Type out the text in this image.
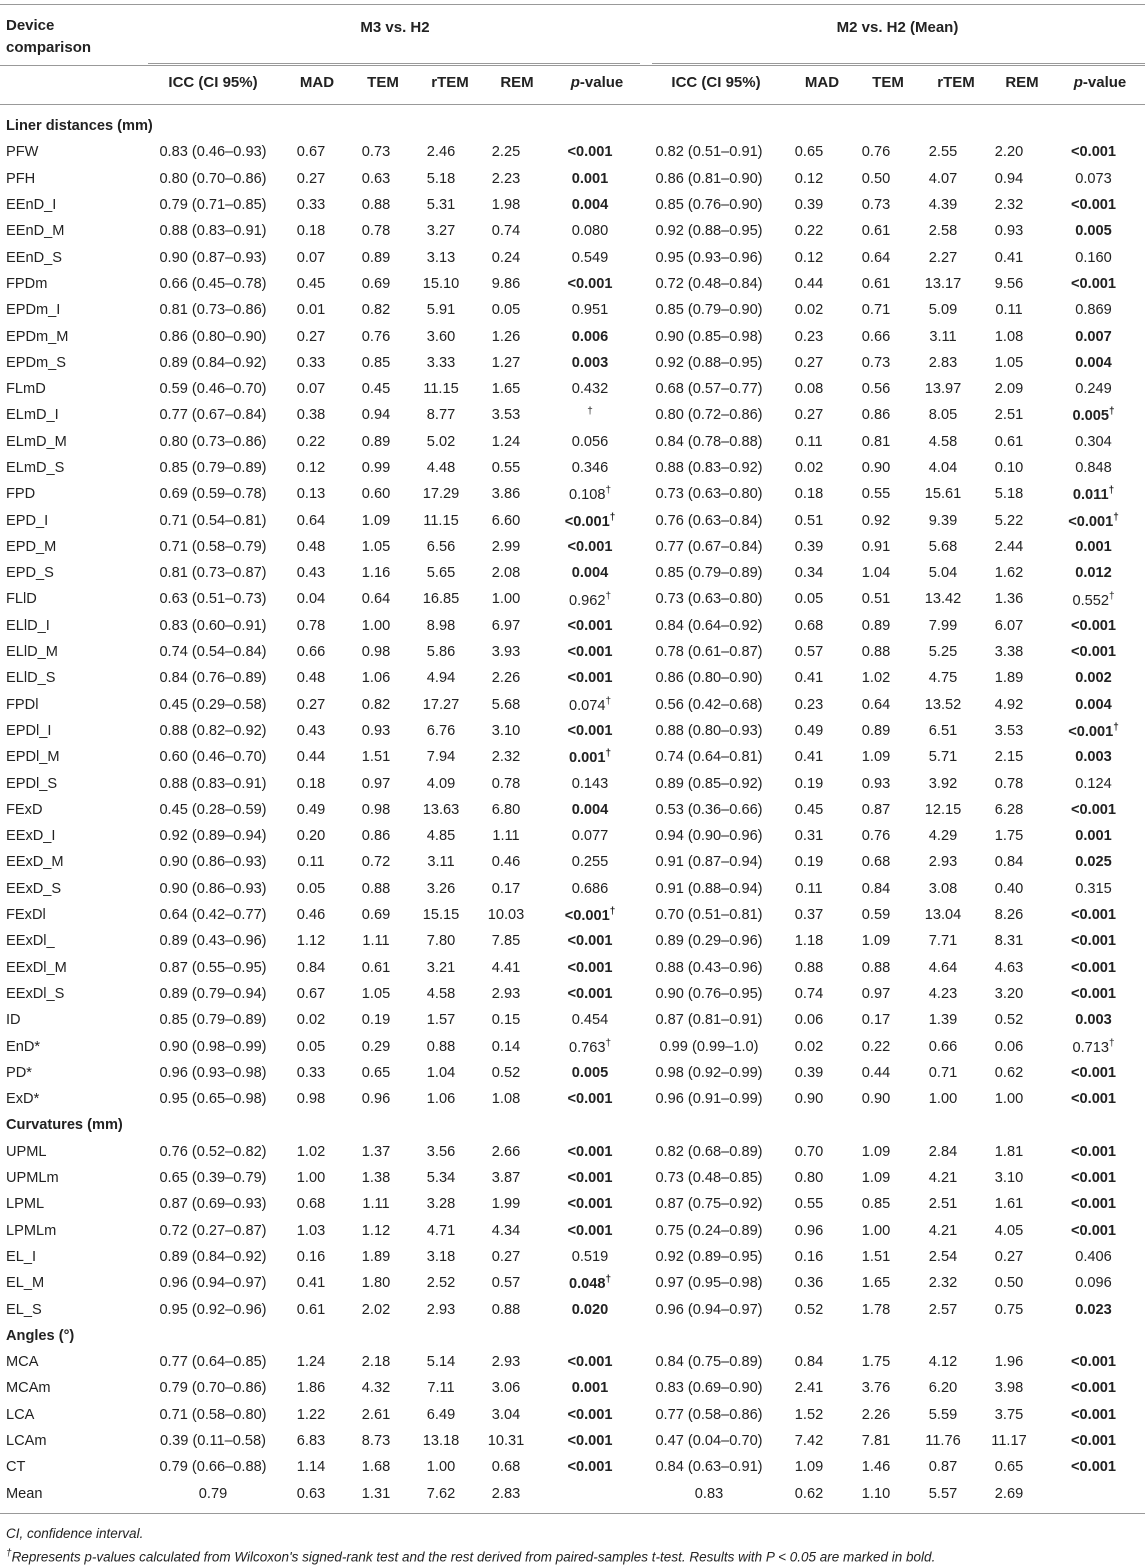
Device comparison
M3 vs. H2	M2 vs. H2 (Mean)
ICC (CI 95%)	MAD	TEM	rTEM	REM	p-value	ICC (CI 95%)	MAD	TEM	rTEM	REM	p-value
Liner distances (mm)												
PFW	0.83 (0.46–0.93)	0.67	0.73	2.46	2.25	<0.001	0.82 (0.51–0.91)	0.65	0.76	2.55	2.20	<0.001
PFH	0.80 (0.70–0.86)	0.27	0.63	5.18	2.23	0.001	0.86 (0.81–0.90)	0.12	0.50	4.07	0.94	0.073
EEnD_I	0.79 (0.71–0.85)	0.33	0.88	5.31	1.98	0.004	0.85 (0.76–0.90)	0.39	0.73	4.39	2.32	<0.001
EEnD_M	0.88 (0.83–0.91)	0.18	0.78	3.27	0.74	0.080	0.92 (0.88–0.95)	0.22	0.61	2.58	0.93	0.005
EEnD_S	0.90 (0.87–0.93)	0.07	0.89	3.13	0.24	0.549	0.95 (0.93–0.96)	0.12	0.64	2.27	0.41	0.160
FPDm	0.66 (0.45–0.78)	0.45	0.69	15.10	9.86	<0.001	0.72 (0.48–0.84)	0.44	0.61	13.17	9.56	<0.001
EPDm_I	0.81 (0.73–0.86)	0.01	0.82	5.91	0.05	0.951	0.85 (0.79–0.90)	0.02	0.71	5.09	0.11	0.869
EPDm_M	0.86 (0.80–0.90)	0.27	0.76	3.60	1.26	0.006	0.90 (0.85–0.98)	0.23	0.66	3.11	1.08	0.007
EPDm_S	0.89 (0.84–0.92)	0.33	0.85	3.33	1.27	0.003	0.92 (0.88–0.95)	0.27	0.73	2.83	1.05	0.004
FLmD	0.59 (0.46–0.70)	0.07	0.45	11.15	1.65	0.432	0.68 (0.57–0.77)	0.08	0.56	13.97	2.09	0.249
ELmD_I	0.77 (0.67–0.84)	0.38	0.94	8.77	3.53	†	0.80 (0.72–0.86)	0.27	0.86	8.05	2.51	0.005†
ELmD_M	0.80 (0.73–0.86)	0.22	0.89	5.02	1.24	0.056	0.84 (0.78–0.88)	0.11	0.81	4.58	0.61	0.304
ELmD_S	0.85 (0.79–0.89)	0.12	0.99	4.48	0.55	0.346	0.88 (0.83–0.92)	0.02	0.90	4.04	0.10	0.848
FPD	0.69 (0.59–0.78)	0.13	0.60	17.29	3.86	0.108†	0.73 (0.63–0.80)	0.18	0.55	15.61	5.18	0.011†
EPD_I	0.71 (0.54–0.81)	0.64	1.09	11.15	6.60	<0.001†	0.76 (0.63–0.84)	0.51	0.92	9.39	5.22	<0.001†
EPD_M	0.71 (0.58–0.79)	0.48	1.05	6.56	2.99	<0.001	0.77 (0.67–0.84)	0.39	0.91	5.68	2.44	0.001
EPD_S	0.81 (0.73–0.87)	0.43	1.16	5.65	2.08	0.004	0.85 (0.79–0.89)	0.34	1.04	5.04	1.62	0.012
FLlD	0.63 (0.51–0.73)	0.04	0.64	16.85	1.00	0.962†	0.73 (0.63–0.80)	0.05	0.51	13.42	1.36	0.552†
ELlD_I	0.83 (0.60–0.91)	0.78	1.00	8.98	6.97	<0.001	0.84 (0.64–0.92)	0.68	0.89	7.99	6.07	<0.001
ELlD_M	0.74 (0.54–0.84)	0.66	0.98	5.86	3.93	<0.001	0.78 (0.61–0.87)	0.57	0.88	5.25	3.38	<0.001
ELlD_S	0.84 (0.76–0.89)	0.48	1.06	4.94	2.26	<0.001	0.86 (0.80–0.90)	0.41	1.02	4.75	1.89	0.002
FPDl	0.45 (0.29–0.58)	0.27	0.82	17.27	5.68	0.074†	0.56 (0.42–0.68)	0.23	0.64	13.52	4.92	0.004
EPDl_I	0.88 (0.82–0.92)	0.43	0.93	6.76	3.10	<0.001	0.88 (0.80–0.93)	0.49	0.89	6.51	3.53	<0.001†
EPDl_M	0.60 (0.46–0.70)	0.44	1.51	7.94	2.32	0.001†	0.74 (0.64–0.81)	0.41	1.09	5.71	2.15	0.003
EPDl_S	0.88 (0.83–0.91)	0.18	0.97	4.09	0.78	0.143	0.89 (0.85–0.92)	0.19	0.93	3.92	0.78	0.124
FExD	0.45 (0.28–0.59)	0.49	0.98	13.63	6.80	0.004	0.53 (0.36–0.66)	0.45	0.87	12.15	6.28	<0.001
EExD_I	0.92 (0.89–0.94)	0.20	0.86	4.85	1.11	0.077	0.94 (0.90–0.96)	0.31	0.76	4.29	1.75	0.001
EExD_M	0.90 (0.86–0.93)	0.11	0.72	3.11	0.46	0.255	0.91 (0.87–0.94)	0.19	0.68	2.93	0.84	0.025
EExD_S	0.90 (0.86–0.93)	0.05	0.88	3.26	0.17	0.686	0.91 (0.88–0.94)	0.11	0.84	3.08	0.40	0.315
FExDl	0.64 (0.42–0.77)	0.46	0.69	15.15	10.03	<0.001†	0.70 (0.51–0.81)	0.37	0.59	13.04	8.26	<0.001
EExDl_	0.89 (0.43–0.96)	1.12	1.11	7.80	7.85	<0.001	0.89 (0.29–0.96)	1.18	1.09	7.71	8.31	<0.001
EExDl_M	0.87 (0.55–0.95)	0.84	0.61	3.21	4.41	<0.001	0.88 (0.43–0.96)	0.88	0.88	4.64	4.63	<0.001
EExDl_S	0.89 (0.79–0.94)	0.67	1.05	4.58	2.93	<0.001	0.90 (0.76–0.95)	0.74	0.97	4.23	3.20	<0.001
ID	0.85 (0.79–0.89)	0.02	0.19	1.57	0.15	0.454	0.87 (0.81–0.91)	0.06	0.17	1.39	0.52	0.003
EnD*	0.90 (0.98–0.99)	0.05	0.29	0.88	0.14	0.763†	0.99 (0.99–1.0)	0.02	0.22	0.66	0.06	0.713†
PD*	0.96 (0.93–0.98)	0.33	0.65	1.04	0.52	0.005	0.98 (0.92–0.99)	0.39	0.44	0.71	0.62	<0.001
ExD*	0.95 (0.65–0.98)	0.98	0.96	1.06	1.08	<0.001	0.96 (0.91–0.99)	0.90	0.90	1.00	1.00	<0.001
Curvatures (mm)												
UPML	0.76 (0.52–0.82)	1.02	1.37	3.56	2.66	<0.001	0.82 (0.68–0.89)	0.70	1.09	2.84	1.81	<0.001
UPMLm	0.65 (0.39–0.79)	1.00	1.38	5.34	3.87	<0.001	0.73 (0.48–0.85)	0.80	1.09	4.21	3.10	<0.001
LPML	0.87 (0.69–0.93)	0.68	1.11	3.28	1.99	<0.001	0.87 (0.75–0.92)	0.55	0.85	2.51	1.61	<0.001
LPMLm	0.72 (0.27–0.87)	1.03	1.12	4.71	4.34	<0.001	0.75 (0.24–0.89)	0.96	1.00	4.21	4.05	<0.001
EL_I	0.89 (0.84–0.92)	0.16	1.89	3.18	0.27	0.519	0.92 (0.89–0.95)	0.16	1.51	2.54	0.27	0.406
EL_M	0.96 (0.94–0.97)	0.41	1.80	2.52	0.57	0.048†	0.97 (0.95–0.98)	0.36	1.65	2.32	0.50	0.096
EL_S	0.95 (0.92–0.96)	0.61	2.02	2.93	0.88	0.020	0.96 (0.94–0.97)	0.52	1.78	2.57	0.75	0.023
Angles (°)												
MCA	0.77 (0.64–0.85)	1.24	2.18	5.14	2.93	<0.001	0.84 (0.75–0.89)	0.84	1.75	4.12	1.96	<0.001
MCAm	0.79 (0.70–0.86)	1.86	4.32	7.11	3.06	0.001	0.83 (0.69–0.90)	2.41	3.76	6.20	3.98	<0.001
LCA	0.71 (0.58–0.80)	1.22	2.61	6.49	3.04	<0.001	0.77 (0.58–0.86)	1.52	2.26	5.59	3.75	<0.001
LCAm	0.39 (0.11–0.58)	6.83	8.73	13.18	10.31	<0.001	0.47 (0.04–0.70)	7.42	7.81	11.76	11.17	<0.001
CT	0.79 (0.66–0.88)	1.14	1.68	1.00	0.68	<0.001	0.84 (0.63–0.91)	1.09	1.46	0.87	0.65	<0.001
Mean	0.79	0.63	1.31	7.62	2.83		0.83	0.62	1.10	5.57	2.69	
CI, confidence interval.
†Represents p-values calculated from Wilcoxon's signed-rank test and the rest derived from paired-samples t-test. Results with P < 0.05 are marked in bold.
